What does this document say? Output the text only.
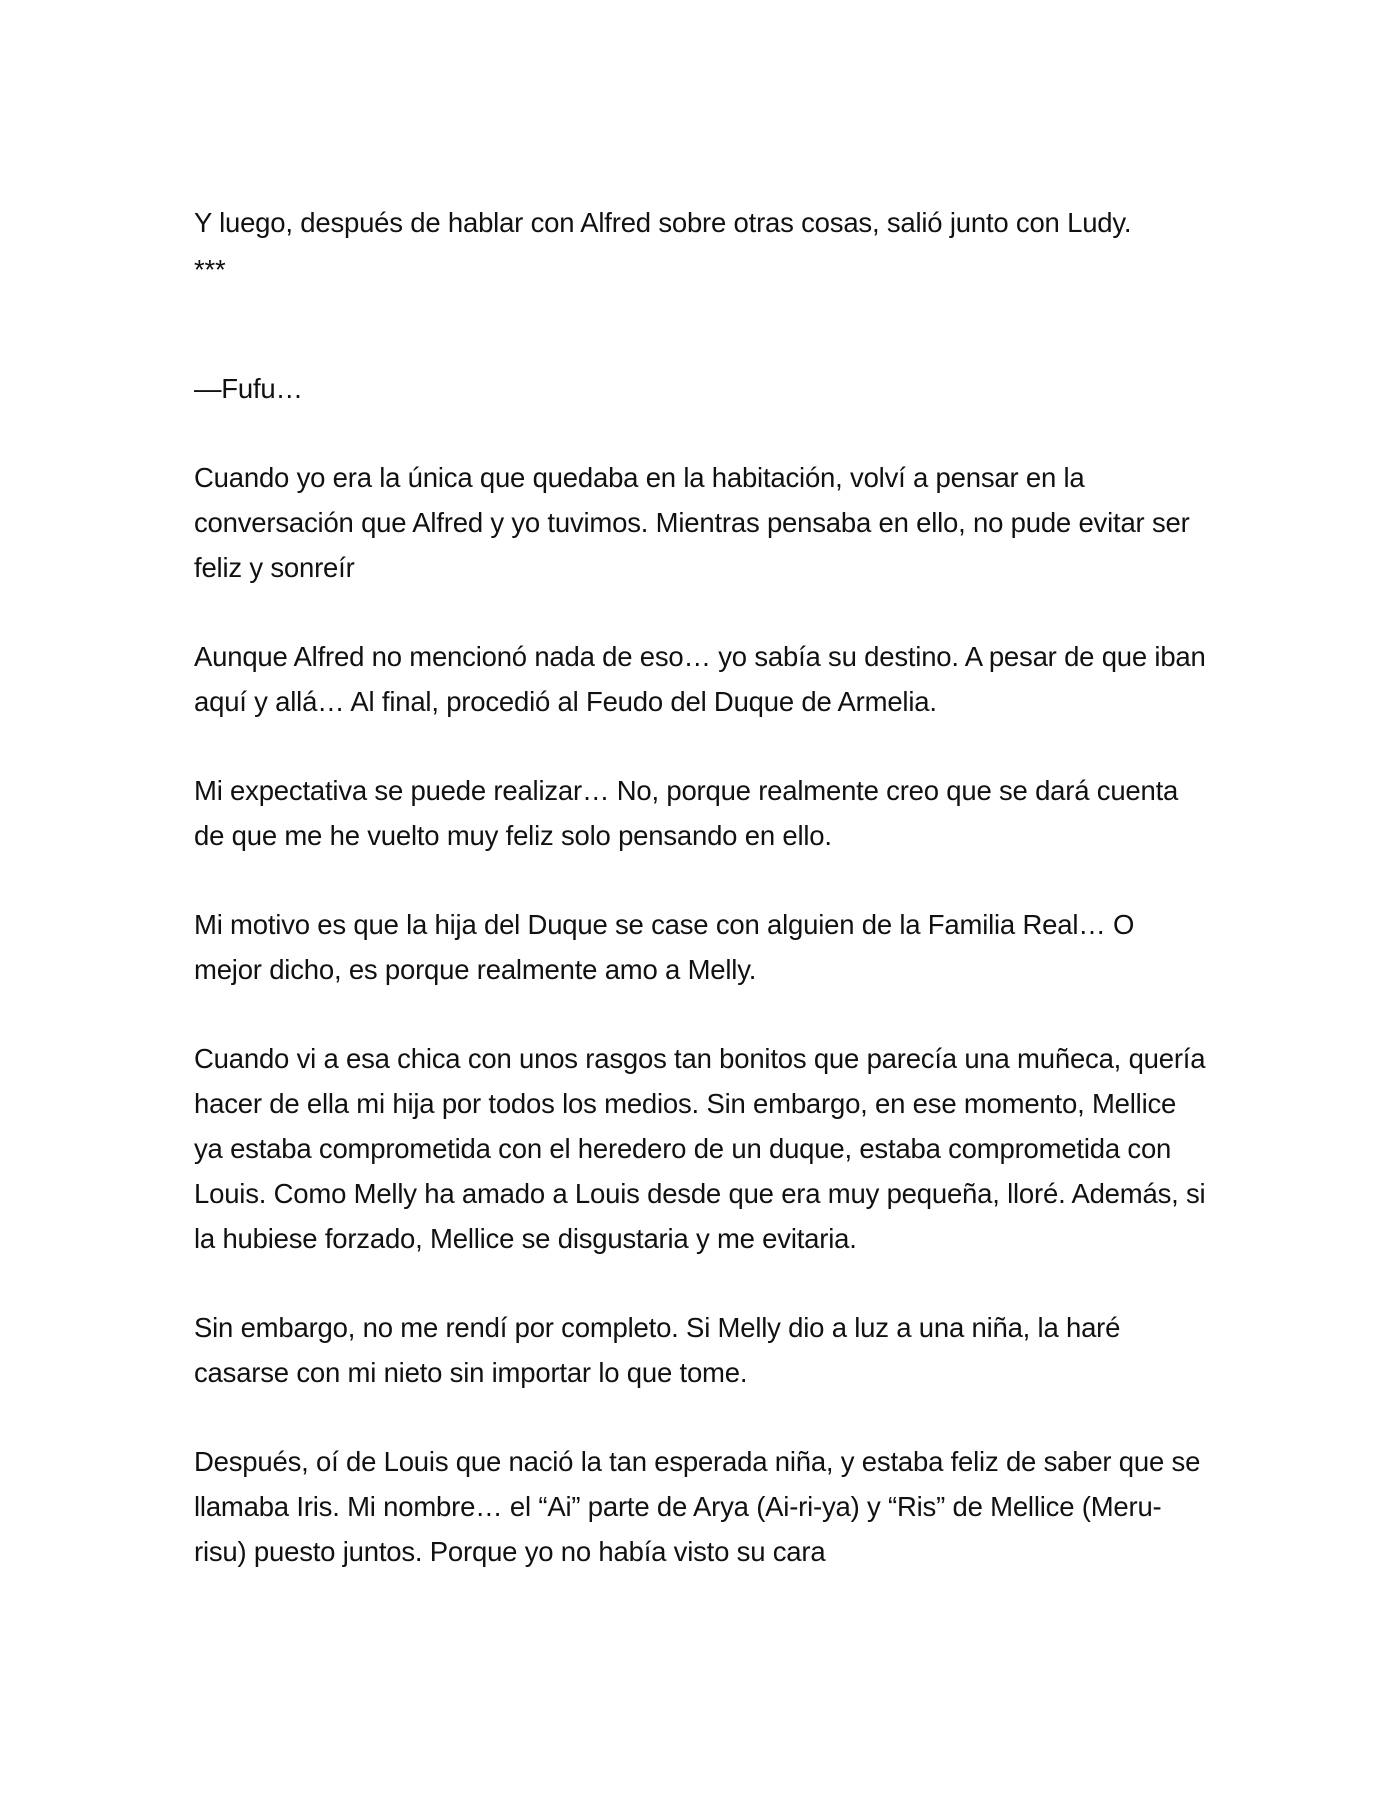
Y luego, después de hablar con Alfred sobre otras cosas, salió junto con Ludy.

***

—Fufu…

Cuando yo era la única que quedaba en la habitación, volví a pensar en la conversación que Alfred y yo tuvimos. Mientras pensaba en ello, no pude evitar ser feliz y sonreír

Aunque Alfred no mencionó nada de eso… yo sabía su destino. A pesar de que iban aquí y allá… Al final, procedió al Feudo del Duque de Armelia.

Mi expectativa se puede realizar… No, porque realmente creo que se dará cuenta de que me he vuelto muy feliz solo pensando en ello.

Mi motivo es que la hija del Duque se case con alguien de la Familia Real… O mejor dicho, es porque realmente amo a Melly.

Cuando vi a esa chica con unos rasgos tan bonitos que parecía una muñeca, quería hacer de ella mi hija por todos los medios. Sin embargo, en ese momento, Mellice ya estaba comprometida con el heredero de un duque, estaba comprometida con Louis. Como Melly ha amado a Louis desde que era muy pequeña, lloré. Además, si la hubiese forzado, Mellice se disgustaria y me evitaria.

Sin embargo, no me rendí por completo. Si Melly dio a luz a una niña, la haré casarse con mi nieto sin importar lo que tome.

Después, oí de Louis que nació la tan esperada niña, y estaba feliz de saber que se llamaba Iris. Mi nombre… el “Ai” parte de Arya (Ai-ri-ya) y “Ris” de Mellice (Meru-risu) puesto juntos. Porque yo no había visto su cara
